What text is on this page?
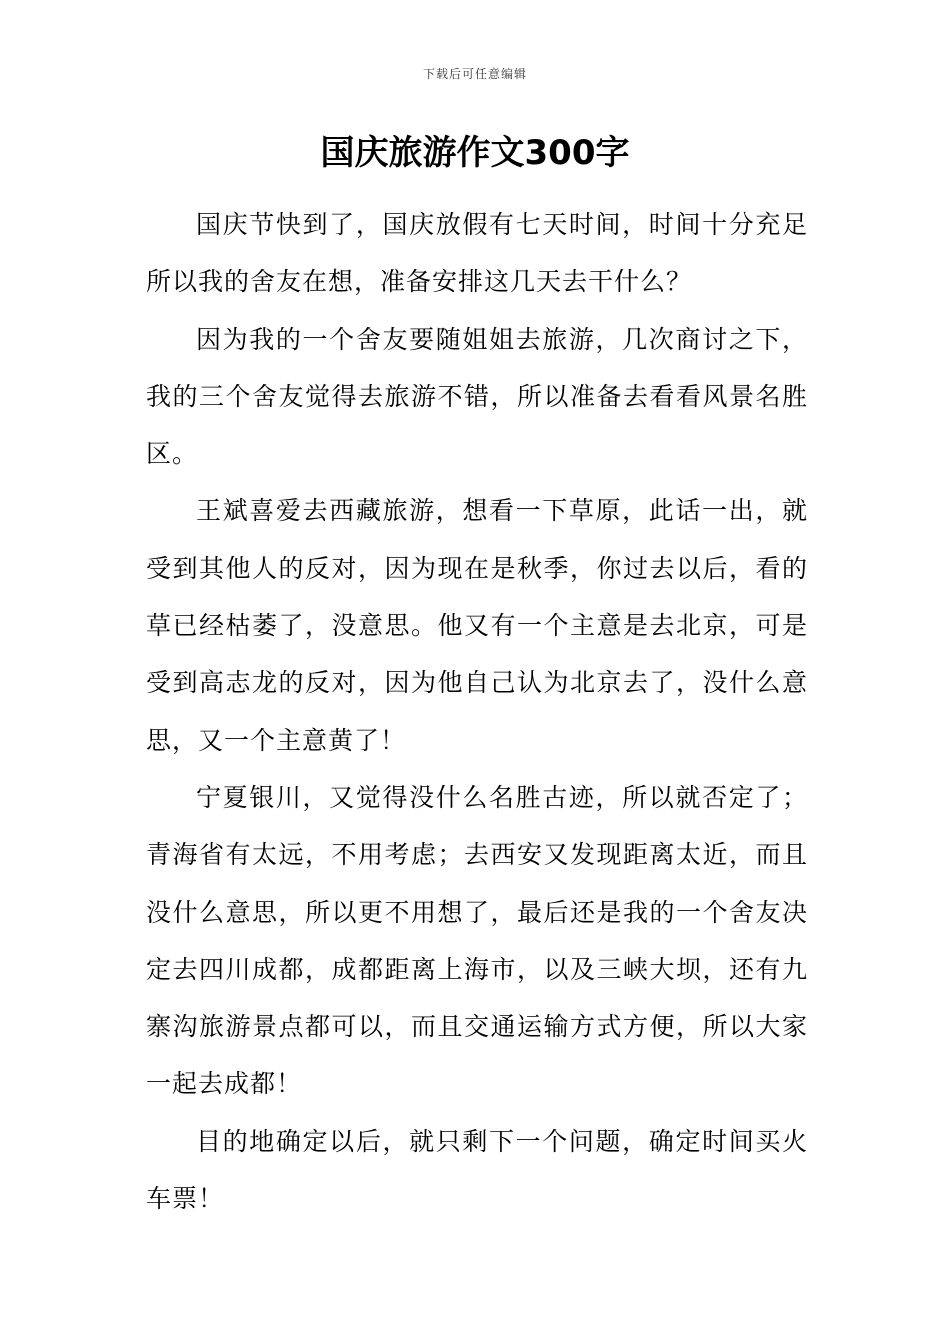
下载后可任意编辑
国庆旅游作文300字

国庆节快到了，国庆放假有七天时间，时间十分充足所以我的舍友在想，准备安排这几天去干什么？

因为我的一个舍友要随姐姐去旅游，几次商讨之下，我的三个舍友觉得去旅游不错，所以准备去看看风景名胜区。

王斌喜爱去西藏旅游，想看一下草原，此话一出，就受到其他人的反对，因为现在是秋季，你过去以后，看的草已经枯萎了，没意思。他又有一个主意是去北京，可是受到高志龙的反对，因为他自己认为北京去了，没什么意思，又一个主意黄了！

宁夏银川，又觉得没什么名胜古迹，所以就否定了；青海省有太远，不用考虑；去西安又发现距离太近，而且没什么意思，所以更不用想了，最后还是我的一个舍友决定去四川成都，成都距离上海市，以及三峡大坝，还有九寨沟旅游景点都可以，而且交通运输方式方便，所以大家一起去成都！

目的地确定以后，就只剩下一个问题，确定时间买火车票！
